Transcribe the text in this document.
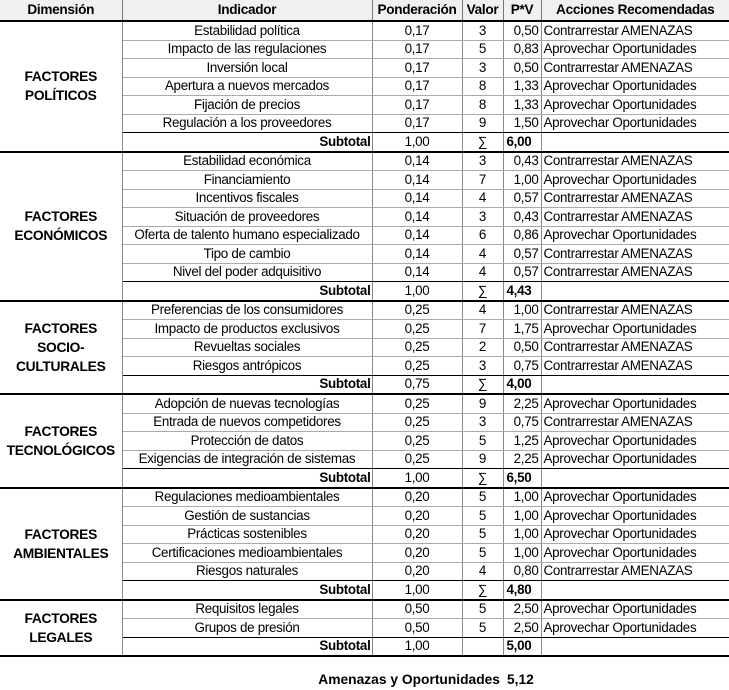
Dimensión	Indicador	Ponderación	Valor	P*V	Acciones Recomendadas

FACTORES
POLÍTICOS	Estabilidad política	0,17	3	0,50	Contrarrestar AMENAZAS
	Impacto de las regulaciones	0,17	5	0,83	Aprovechar Oportunidades
	Inversión local	0,17	3	0,50	Contrarrestar AMENAZAS
	Apertura a nuevos mercados	0,17	8	1,33	Aprovechar Oportunidades
	Fijación de precios	0,17	8	1,33	Aprovechar Oportunidades
	Regulación a los proveedores	0,17	9	1,50	Aprovechar Oportunidades
	Subtotal	1,00	∑	6,00	

FACTORES
ECONÓMICOS	Estabilidad económica	0,14	3	0,43	Contrarrestar AMENAZAS
	Financiamiento	0,14	7	1,00	Aprovechar Oportunidades
	Incentivos fiscales	0,14	4	0,57	Contrarrestar AMENAZAS
	Situación de proveedores	0,14	3	0,43	Contrarrestar AMENAZAS
	Oferta de talento humano especializado	0,14	6	0,86	Aprovechar Oportunidades
	Tipo de cambio	0,14	4	0,57	Contrarrestar AMENAZAS
	Nivel del poder adquisitivo	0,14	4	0,57	Contrarrestar AMENAZAS
	Subtotal	1,00	∑	4,43	

FACTORES
SOCIO-
CULTURALES	Preferencias de los consumidores	0,25	4	1,00	Contrarrestar AMENAZAS
	Impacto de productos exclusivos	0,25	7	1,75	Aprovechar Oportunidades
	Revueltas sociales	0,25	2	0,50	Contrarrestar AMENAZAS
	Riesgos antrópicos	0,25	3	0,75	Contrarrestar AMENAZAS
	Subtotal	0,75	∑	4,00	

FACTORES
TECNOLÓGICOS	Adopción de nuevas tecnologías	0,25	9	2,25	Aprovechar Oportunidades
	Entrada de nuevos competidores	0,25	3	0,75	Contrarrestar AMENAZAS
	Protección de datos	0,25	5	1,25	Aprovechar Oportunidades
	Exigencias de integración de sistemas	0,25	9	2,25	Aprovechar Oportunidades
	Subtotal	1,00	∑	6,50	

FACTORES
AMBIENTALES	Regulaciones medioambientales	0,20	5	1,00	Aprovechar Oportunidades
	Gestión de sustancias	0,20	5	1,00	Aprovechar Oportunidades
	Prácticas sostenibles	0,20	5	1,00	Aprovechar Oportunidades
	Certificaciones medioambientales	0,20	5	1,00	Aprovechar Oportunidades
	Riesgos naturales	0,20	4	0,80	Contrarrestar AMENAZAS
	Subtotal	1,00	∑	4,80	

FACTORES
LEGALES	Requisitos legales	0,50	5	2,50	Aprovechar Oportunidades
	Grupos de presión	0,50	5	2,50	Aprovechar Oportunidades
	Subtotal	1,00		5,00	
Amenazas y Oportunidades 5,12
